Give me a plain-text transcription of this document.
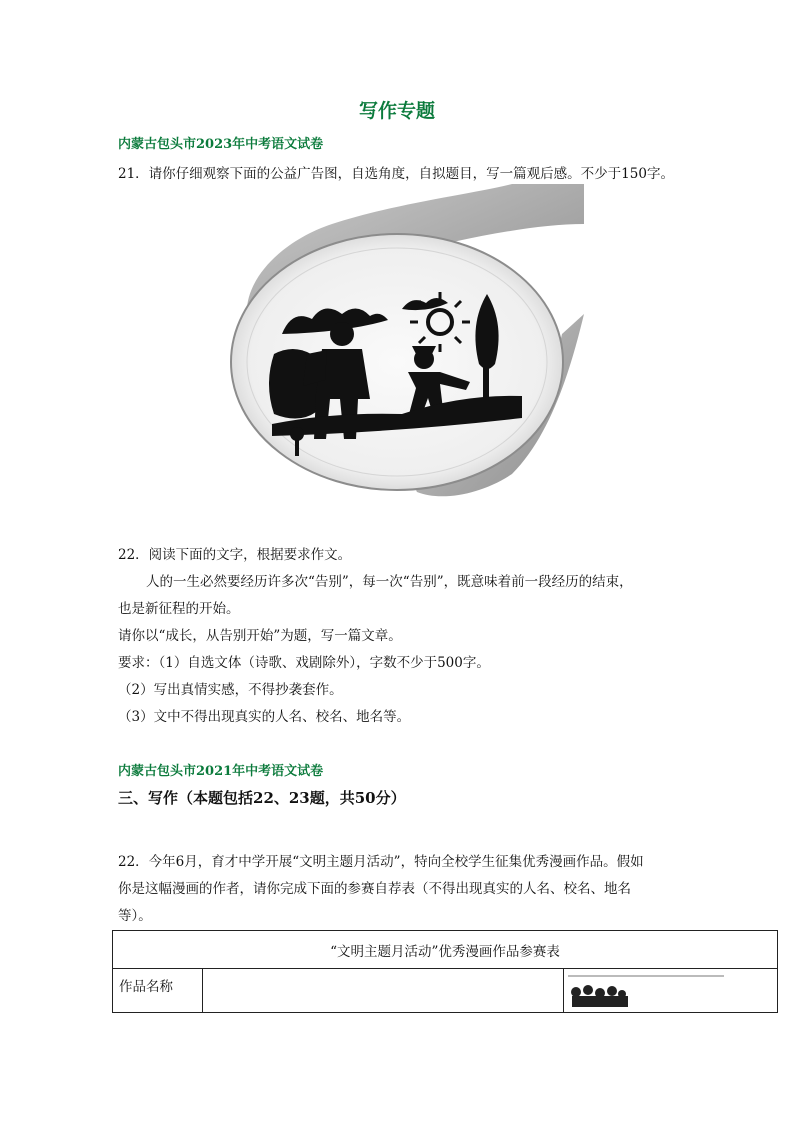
写作专题
内蒙古包头市2023年中考语文试卷
21．请你仔细观察下面的公益广告图，自选角度，自拟题目，写一篇观后感。不少于150字。
22．阅读下面的文字，根据要求作文。
人的一生必然要经历许多次“告别”，每一次“告别”，既意味着前一段经历的结束，
也是新征程的开始。
请你以“成长，从告别开始”为题，写一篇文章。
要求：（1）自选文体（诗歌、戏剧除外），字数不少于500字。
（2）写出真情实感，不得抄袭套作。
（3）文中不得出现真实的人名、校名、地名等。
内蒙古包头市2021年中考语文试卷
三、写作（本题包括22、23题，共50分）
22．今年6月，育才中学开展“文明主题月活动”，特向全校学生征集优秀漫画作品。假如
你是这幅漫画的作者，请你完成下面的参赛自荐表（不得出现真实的人名、校名、地名
等）。
“文明主题月活动”优秀漫画作品参赛表
作品名称		
